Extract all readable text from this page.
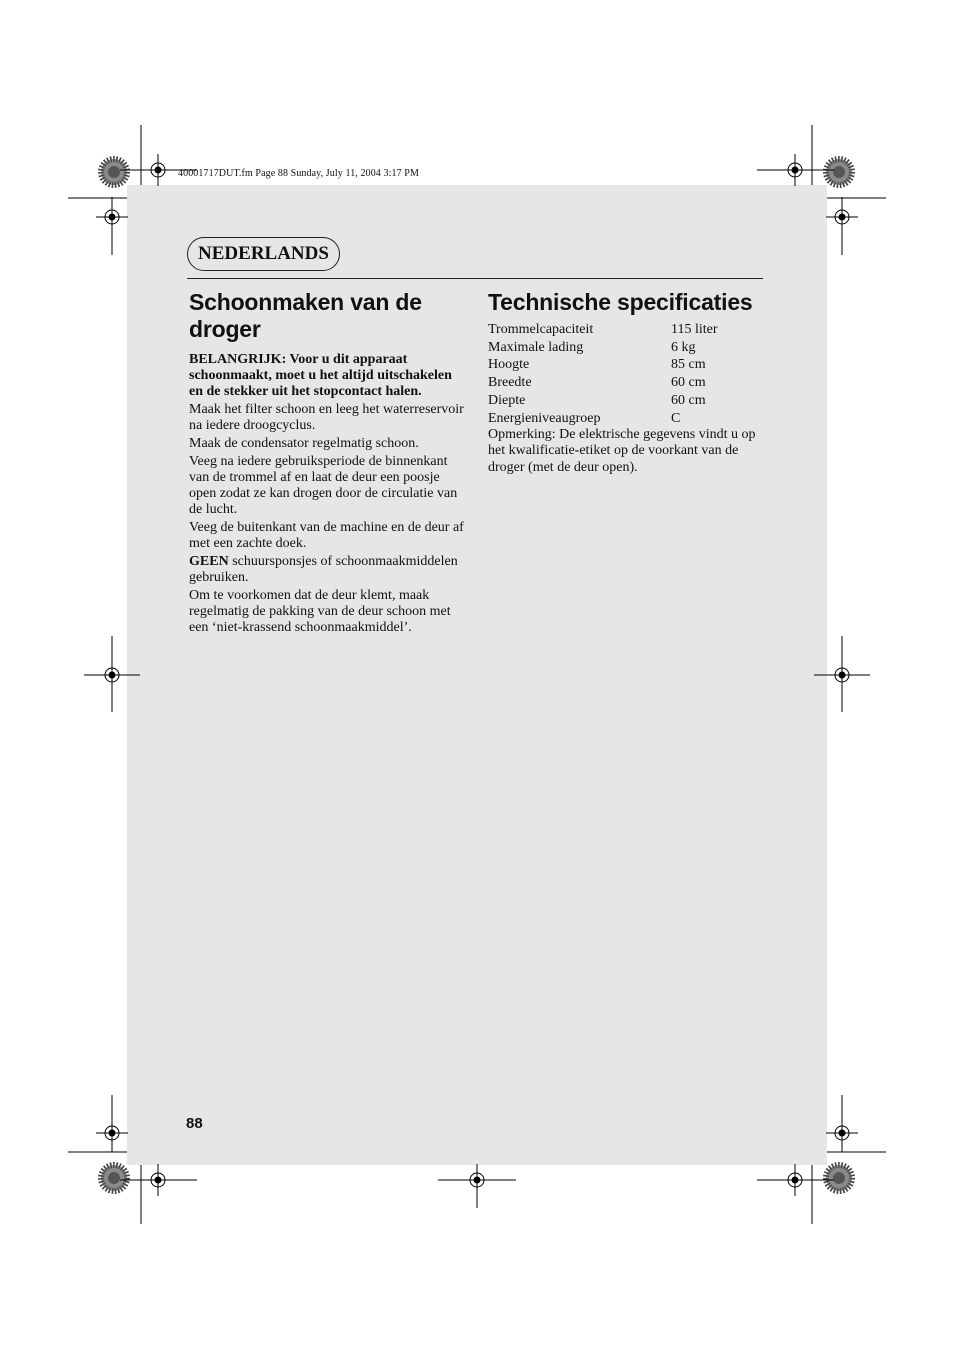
40001717DUT.fm Page 88 Sunday, July 11, 2004 3:17 PM
NEDERLANDS
Schoonmaken van de
droger

BELANGRIJK: Voor u dit apparaat schoonmaakt, moet u het altijd uitschakelen en de stekker uit het stopcontact halen.

Maak het filter schoon en leeg het waterreservoir na iedere droogcyclus.

Maak de condensator regelmatig schoon.

Veeg na iedere gebruiksperiode de binnenkant van de trommel af en laat de deur een poosje open zodat ze kan drogen door de circulatie van de lucht.

Veeg de buitenkant van de machine en de deur af met een zachte doek.

GEEN schuursponsjes of schoonmaakmiddelen gebruiken.

Om te voorkomen dat de deur klemt, maak regelmatig de pakking van de deur schoon met een ‘niet-krassend schoonmaakmiddel’.

Technische specificaties
Trommelcapaciteit	115 liter
Maximale lading	6 kg
Hoogte	85 cm
Breedte	60 cm
Diepte	60 cm
Energieniveaugroep	C

Opmerking: De elektrische gegevens vindt u op het kwalificatie-etiket op de voorkant van de droger (met de deur open).

88
